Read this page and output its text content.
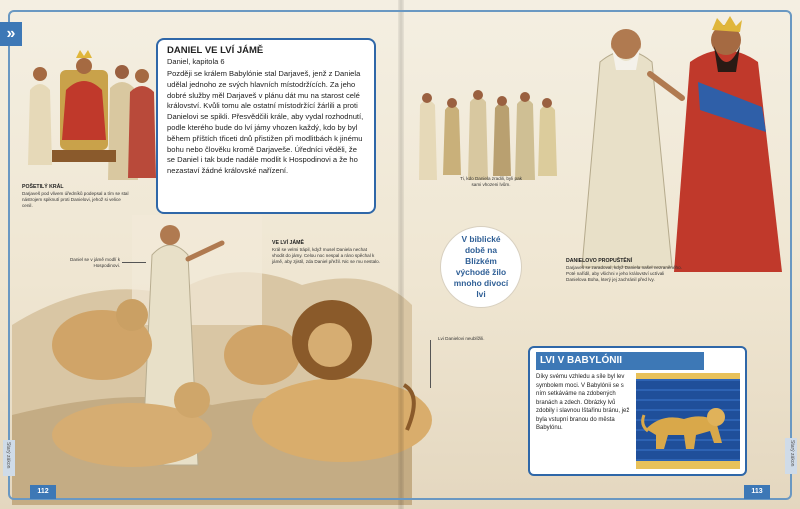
»
Starý zákon	Starý zákon
112	113
DANIEL VE LVÍ JÁMĚ
Daniel, kapitola 6

Později se králem Babylónie stal Darjaveš, jenž z Daniela udělal jednoho ze svých hlavních místodržících. Za jeho dobré služby měl Darjaveš v plánu dát mu na starost celé království. Kvůli tomu ale ostatní místodržící žárlili a proti Danielovi se spikli. Přesvědčili krále, aby vydal rozhodnutí, podle kterého bude do lví jámy vhozen každý, kdo by byl během příštích třiceti dnů přistižen při modlitbách k jinému bohu nebo člověku kromě Darjaveše. Úředníci věděli, že se Daniel i tak bude nadále modlit k Hospodinovi a že ho nezastaví žádné královské nařízení.

POŠETILÝ KRÁL
Darjaveš pod vlivem úředníků podepsal a tím se stal nástrojem spiknutí proti Danielovi, jehož si velice cenil.
Daniel se v jámě modlí k Hospodinovi.
VE LVÍ JÁMĚ
Král se velmi trápil, když musel Daniela nechat vhodit do jámy. Celou noc nespal a ráno spěchal k jámě, aby zjistil, zda Daniel přežil. Nic se mu nestalo.
Lvi Danielovi neublížili.
Ti, kdo Daniela zradili, byli pak sami vhozeni lvům.
DANIELOVO PROPUŠTĚNÍ
Darjaveš se zaradoval, když Daniela našel nezraněného. Poté nařídil, aby všichni v jeho království uctívali Danielova Boha, který jej zachránil před lvy.
V biblické době na Blízkém východě žilo mnoho divocí lvi
LVI V BABYLÓNII
Díky svému vzhledu a síle byl lev symbolem moci. V Babylónii se s ním setkáváme na zdobených branách a zdech. Obrázky lvů zdobily i slavnou Ištařinu bránu, jež byla vstupní branou do města Babylónu.
